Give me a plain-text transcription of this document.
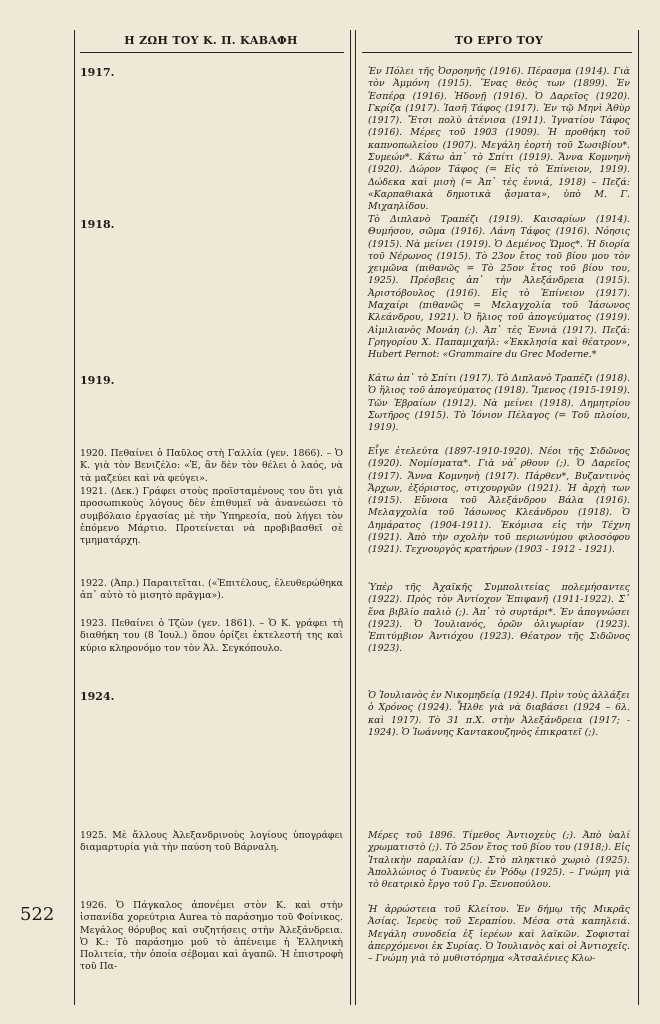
Η ΖΩΗ ΤΟΥ Κ. Π. ΚΑΒΑΦΗ	ΤΟ ΕΡΓΟ ΤΟΥ
1917.
1918.
1919.
1920. Πεθαίνει ὁ Παῦλος στὴ Γαλλία (γεν. 1866). – Ὁ Κ. γιὰ τὸν Βενιζέλο: «Ἐ, ἂν δὲν τὸν θέλει ὁ λαός, νὰ τὰ μαζεύει καὶ νὰ φεύγει».
1921. (Δεκ.) Γράφει στοὺς προϊσταμένους του ὅτι γιὰ προσωπικοὺς λόγους δὲν ἐπιθυμεῖ νὰ ἀνανεώσει τὸ συμβόλαιο ἐργασίας μὲ τὴν Ὑπηρεσία, ποὺ λήγει τὸν ἐπόμενο Μάρτιο. Προτείνεται νὰ προβιβασθεῖ σὲ τμηματάρχη.
1922. (Ἀπρ.) Παραιτεῖται. («Ἐπιτέλους, ἐλευθερώθηκα ἀπ᾽ αὐτὸ τὸ μισητὸ πρᾶγμα»).
1923. Πεθαίνει ὁ Τζὼν (γεν. 1861). – Ὁ Κ. γράφει τὴ διαθήκη του (8 Ἰουλ.) ὅπου ὁρίζει ἐκτελεστή της καὶ κύριο κληρονόμο τον τὸν Ἀλ. Σεγκόπουλο.
1924.
1925. Μὲ ἄλλους Ἀλεξανδρινοὺς λογίους ὑπογράφει διαμαρτυρία γιὰ τὴν παύση τοῦ Βάρναλη.
1926. Ὁ Πάγκαλος ἀπονέμει στὸν Κ. καὶ στὴν ἰσπανίδα χορεύτρια Aurea τὸ παράσημο τοῦ Φοίνικος. Μεγάλος θόρυβος καὶ συζητήσεις στὴν Ἀλεξάνδρεια. Ὁ Κ.: Τὸ παράσημο μοῦ τὸ ἀπένειμε ἡ Ἑλληνικὴ Πολιτεία, τὴν ὁποία σέβομαι καὶ ἀγαπῶ. Ἡ ἐπιστροφὴ τοῦ Πα-
Ἐν Πόλει τῆς Ὀσροηνῆς (1916). Πέρασμα (1914). Γιὰ τὸν Ἀμμόνη (1915). Ἕνας θεὸς των (1899). Ἐν Ἑσπέρᾳ (1916). Ἡδονῇ (1916). Ὁ Δαρεῖος (1920). Γκρίζα (1917). Ἰασῆ Τάφος (1917). Ἐν τῷ Μηνὶ Ἀθὺρ (1917). Ἔτσι πολὺ ἀτένισα (1911). Ἰγνατίου Τάφος (1916). Μέρες τοῦ 1903 (1909). Ἡ προθήκη τοῦ καπνοπωλείου (1907). Μεγάλη ἑορτὴ τοῦ Σωσιβίου*. Συμεών*. Κάτω ἀπ᾽ τὸ Σπίτι (1919). Ἄννα Κομνηνὴ (1920). Δώρον Τάφος (= Εἰς τὸ Ἐπίνειον, 1919). Δώδεκα καὶ μισὴ (= Ἀπ᾽ τὲς ἐννιά, 1918) – Πεζά: «Καρπαθιακὰ δημοτικὰ ᾄσματα», ὑπὸ Μ. Γ. Μιχαηλίδου.
Τὸ Διπλανὸ Τραπέζι (1919). Καισαρίων (1914). Θυμήσου, σῶμα (1916). Λάνη Τάφος (1916). Νόησις (1915). Νὰ μείνει (1919). Ὁ Δεμένος Ὥμος*. Ἡ διορία τοῦ Νέρωνος (1915). Τὸ 23ον ἔτος τοῦ βίου μου τὸν χειμῶνα (πιθανῶς = Τὸ 25ον ἔτος τοῦ βίου του, 1925). Πρέσβεις ἀπ᾽ τὴν Ἀλεξάνδρεια (1915). Ἀριστόβουλος (1916). Εἰς τὸ Ἐπίνειον (1917). Μαχαίρι (πιθανῶς = Μελαγχολία τοῦ Ἰάσωνος Κλεάνδρου, 1921). Ὁ ἥλιος τοῦ ἀπογεύματος (1919). Αἰμιλιανὸς Μονάη (;). Ἀπ᾽ τὲς Ἐννιὰ (1917). Πεζά: Γρηγορίου Χ. Παπαμιχαήλ: «Ἐκκλησία καὶ θέατρον», Hubert Pernot: «Grammaire du Grec Moderne.*
Κάτω ἀπ᾽ τὸ Σπίτι (1917). Τὸ Διπλανὸ Τραπέζι (1918). Ὁ ἥλιος τοῦ ἀπογεύματος (1918). Ἴμενος (1915-1919). Τῶν Ἑβραίων (1912). Νὰ μείνει (1918). Δημητρίου Σωτῆρος (1915). Τὸ Ἰόνιον Πέλαγος (= Τοῦ πλοίου, 1919).
Εἶγε ἐτελεύτα (1897-1910-1920). Νέοι τῆς Σιδῶνος (1920). Νομίσματα*. Γιὰ νὰ ̓ρθουν (;). Ὁ Δαρεῖος (1917). Ἄννα Κομνηνὴ (1917). Πάρθεν*, Βυζαντινὸς Ἄρχων, ἐξόριστος, στιχουργῶν (1921). Ἡ ἀρχὴ των (1915). Εὔνοια τοῦ Ἀλεξάνδρου Βάλα (1916). Μελαγχολία τοῦ Ἰάσωνος Κλεάνδρου (1918). Ὁ Δημάρατος (1904-1911). Ἐκόμισα εἰς τὴν Τέχνη (1921). Ἀπὸ τὴν σχολὴν τοῦ περιωνύμου φιλοσόφου (1921). Τεχνουργὸς κρατήρων (1903 - 1912 - 1921).
Ὑπὲρ τῆς Ἀχαϊκῆς Συμπολιτείας πολεμήσαντες (1922). Πρὸς τὸν Ἀντίοχον Ἐπιφανῆ (1911-1922). Σ᾽ ἕνα βιβλίο παλιὸ (;). Ἀπ᾽ τὸ συρτάρι*. Ἐν ἀπογνώσει (1923). Ὁ Ἰουλιανός, ὁρῶν ὀλιγωρίαν (1923). Ἐπιτύμβιον Ἀντιόχου (1923). Θέατρον τῆς Σιδῶνος (1923).
Ὁ Ἰουλιανὸς ἐν Νικομηδείᾳ (1924). Πρὶν τοὺς ἀλλάξει ὁ Χρόνος (1924). Ἦλθε γιὰ νὰ διαβάσει (1924 – 6λ. καὶ 1917). Τὸ 31 π.Χ. στὴν Ἀλεξάνδρεια (1917; - 1924). Ὁ Ἰωάννης Καντακουζηνὸς ἐπικρατεῖ (;).
Μέρες τοῦ 1896. Τίμεθος Ἀντιοχεὺς (;). Ἀπὸ ὑαλί χρωματιστὸ (;). Τὸ 25ον ἔτος τοῦ βίου του (1918;). Εἰς Ἰταλικὴν παραλίαν (;). Στὸ πληκτικὸ χωριὸ (1925). Ἀπολλώνιος ὁ Τυανεὺς ἐν Ῥόδῳ (1925). – Γνώμη γιὰ τὸ θεατρικὸ ἔργο τοῦ Γρ. Ξενοπούλου.
Ἡ ἀρρώστεια τοῦ Κλείτου. Ἐν δήμῳ τῆς Μικρᾶς Ἀσίας. Ἱερεὺς τοῦ Σεραπίου. Μέσα στὰ καπηλειά. Μεγάλη συνοδεία ἐξ ἱερέων καὶ λαϊκῶν. Σοφισταὶ ἀπερχόμενοι ἐκ Συρίας. Ὁ Ἰουλιανὸς καὶ οἱ Ἀντιοχεῖς. – Γνώμη γιὰ τὸ μυθιστόρημα «Ἀτσαλένιες Κλω-
522
